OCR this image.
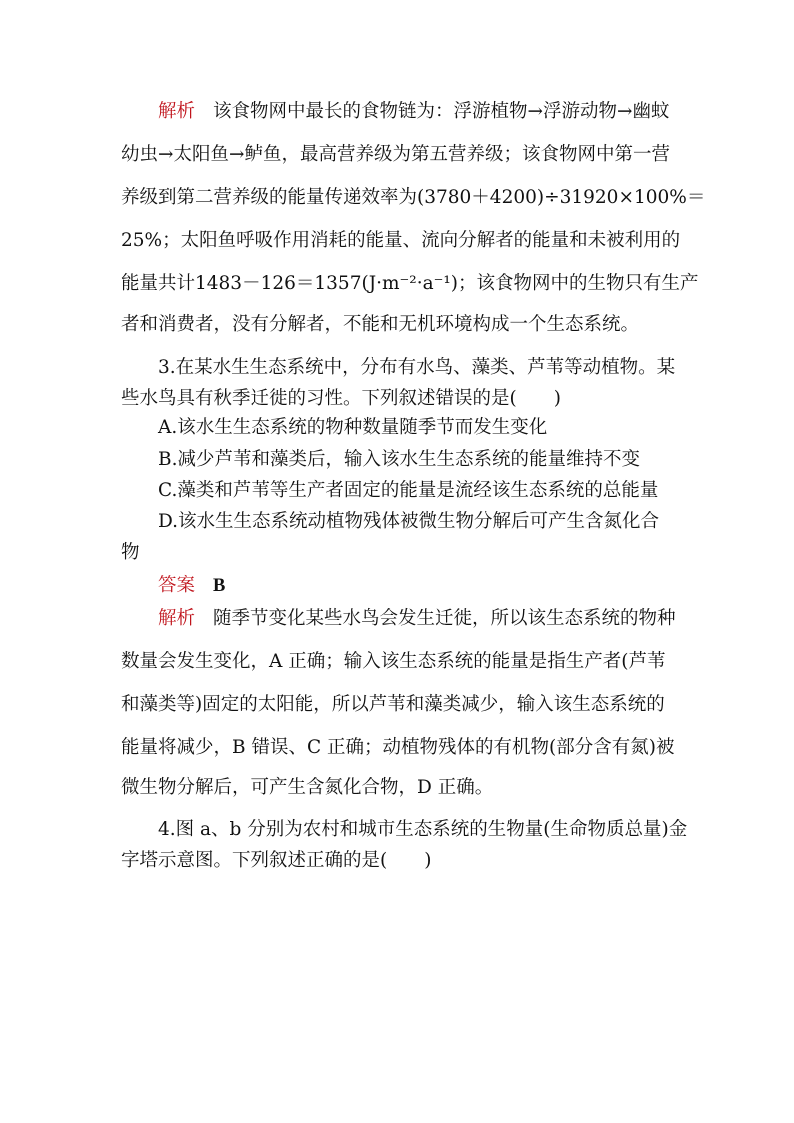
解析 该食物网中最长的食物链为：浮游植物→浮游动物→幽蚊
幼虫→太阳鱼→鲈鱼，最高营养级为第五营养级；该食物网中第一营
养级到第二营养级的能量传递效率为(3780＋4200)÷31920×100%＝
25%；太阳鱼呼吸作用消耗的能量、流向分解者的能量和未被利用的
能量共计1483－126＝1357(J·m⁻²·a⁻¹)；该食物网中的生物只有生产
者和消费者，没有分解者，不能和无机环境构成一个生态系统。
3.在某水生生态系统中，分布有水鸟、藻类、芦苇等动植物。某
些水鸟具有秋季迁徙的习性。下列叙述错误的是(　　)
A.该水生生态系统的物种数量随季节而发生变化
B.减少芦苇和藻类后，输入该水生生态系统的能量维持不变
C.藻类和芦苇等生产者固定的能量是流经该生态系统的总能量
D.该水生生态系统动植物残体被微生物分解后可产生含氮化合
物
答案 B
解析 随季节变化某些水鸟会发生迁徙，所以该生态系统的物种
数量会发生变化，A 正确；输入该生态系统的能量是指生产者(芦苇
和藻类等)固定的太阳能，所以芦苇和藻类减少，输入该生态系统的
能量将减少，B 错误、C 正确；动植物残体的有机物(部分含有氮)被
微生物分解后，可产生含氮化合物，D 正确。
4.图 a、b 分别为农村和城市生态系统的生物量(生命物质总量)金
字塔示意图。下列叙述正确的是(　　)
